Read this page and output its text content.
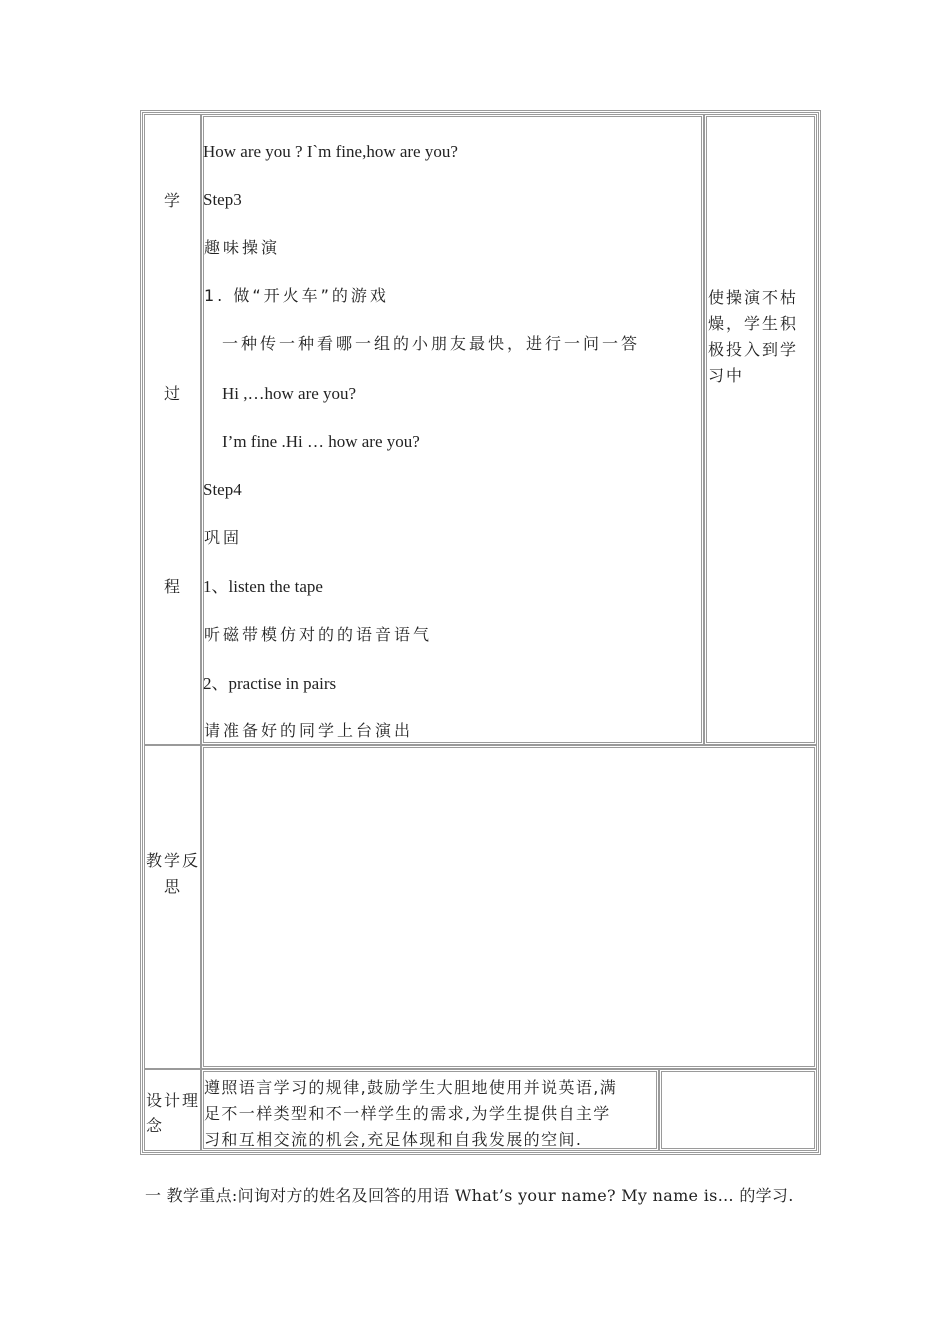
学
过
程
How are you ? I`m fine,how are you?
Step3
趣味操演
1. 做“开火车”的游戏
一种传一种看哪一组的小朋友最快，进行一问一答
Hi ,…how are you?
I’m fine .Hi … how are you?
Step4
巩固
1、listen the tape
听磁带模仿对的的语音语气
2、practise in pairs
请准备好的同学上台演出
使操演不枯
燥，学生积
极投入到学
习中
教学反
思
设计理
念
遵照语言学习的规律,鼓励学生大胆地使用并说英语,满
足不一样类型和不一样学生的需求,为学生提供自主学
习和互相交流的机会,充足体现和自我发展的空间.
一 教学重点:问询对方的姓名及回答的用语 What’s your name? My name is… 的学习.
